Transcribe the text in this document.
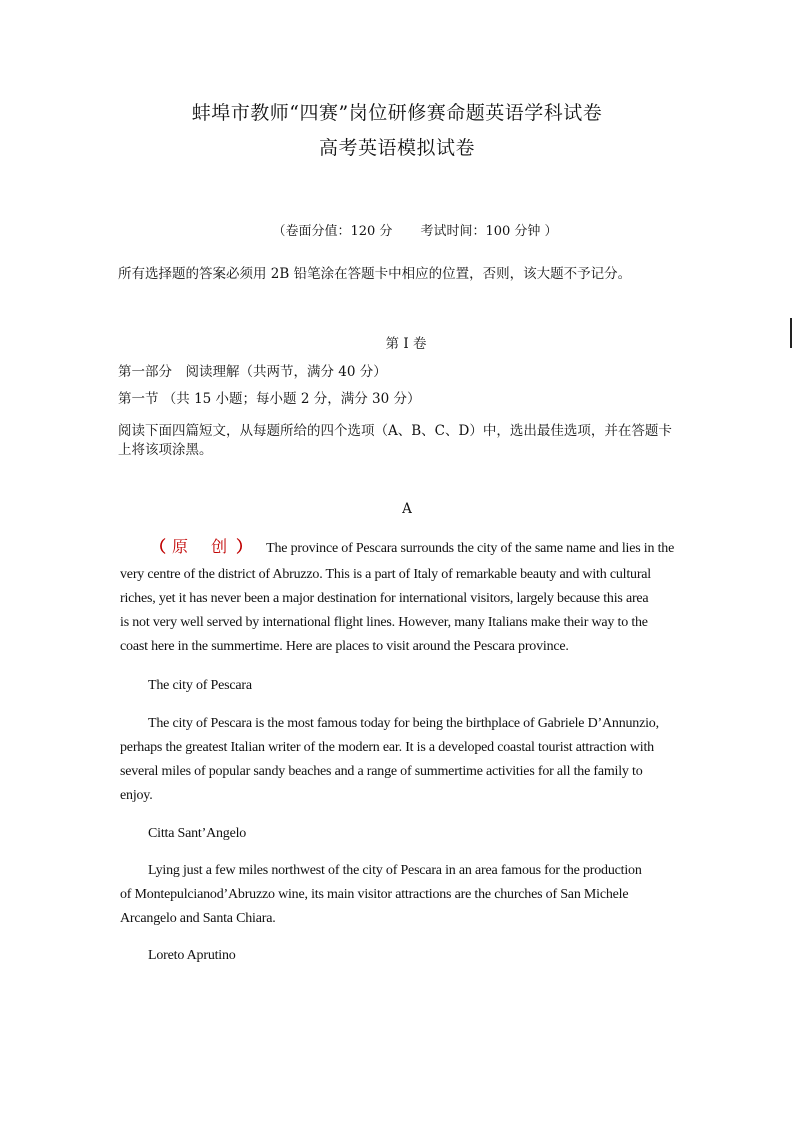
蚌埠市教师“四赛”岗位研修赛命题英语学科试卷
高考英语模拟试卷
（卷面分值：120 分 考试时间：100 分钟 ）
所有选择题的答案必须用 2B 铅笔涂在答题卡中相应的位置，否则，该大题不予记分。
第 I 卷
第一部分　阅读理解（共两节，满分 40 分）
第一节 （共 15 小题；每小题 2 分，满分 30 分）
阅读下面四篇短文，从每题所给的四个选项（A、B、C、D）中，选出最佳选项，并在答题卡上将该项涂黑。
A
（原 创） The province of Pescara surrounds the city of the same name and lies in the
very centre of the district of Abruzzo. This is a part of Italy of remarkable beauty and with cultural
riches, yet it has never been a major destination for international visitors, largely because this area
is not very well served by international flight lines. However, many Italians make their way to the
coast here in the summertime. Here are places to visit around the Pescara province.
The city of Pescara
The city of Pescara is the most famous today for being the birthplace of Gabriele D’Annunzio,
perhaps the greatest Italian writer of the modern ear. It is a developed coastal tourist attraction with
several miles of popular sandy beaches and a range of summertime activities for all the family to
enjoy.
Citta Sant’Angelo
Lying just a few miles northwest of the city of Pescara in an area famous for the production
of Montepulcianod’Abruzzo wine, its main visitor attractions are the churches of San Michele
Arcangelo and Santa Chiara.
Loreto Aprutino
